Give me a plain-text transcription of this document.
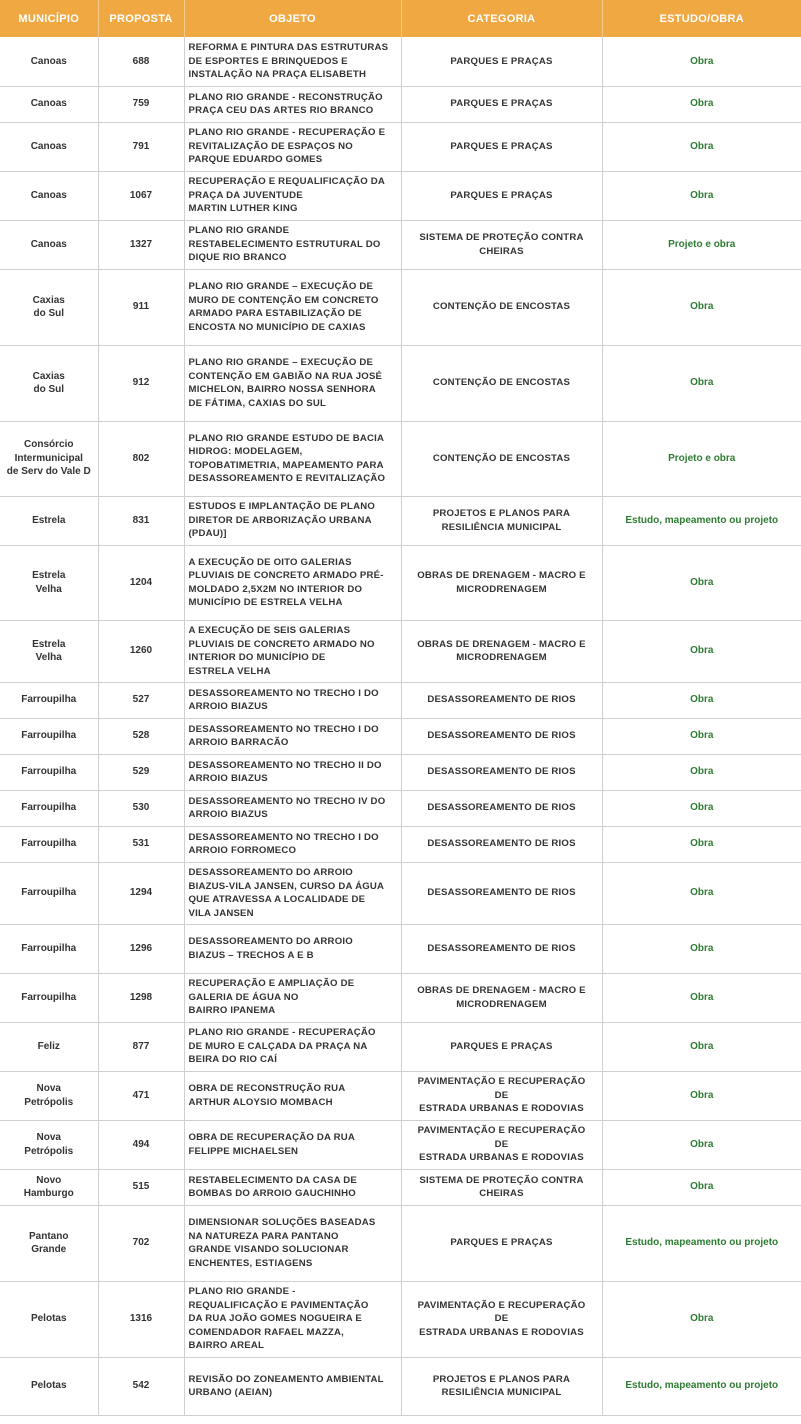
MUNICÍPIO	PROPOSTA	OBJETO	CATEGORIA	ESTUDO/OBRA
Canoas	688	REFORMA E PINTURA DAS ESTRUTURAS
DE ESPORTES E BRINQUEDOS E
INSTALAÇÃO NA PRAÇA ELISABETH	PARQUES E PRAÇAS	Obra
Canoas	759	PLANO RIO GRANDE - RECONSTRUÇÃO
PRAÇA CEU DAS ARTES RIO BRANCO	PARQUES E PRAÇAS	Obra
Canoas	791	PLANO RIO GRANDE - RECUPERAÇÃO E
REVITALIZAÇÃO DE ESPAÇOS NO
PARQUE EDUARDO GOMES	PARQUES E PRAÇAS	Obra
Canoas	1067	RECUPERAÇÃO E REQUALIFICAÇÃO DA
PRAÇA DA JUVENTUDE
MARTIN LUTHER KING	PARQUES E PRAÇAS	Obra
Canoas	1327	PLANO RIO GRANDE
RESTABELECIMENTO ESTRUTURAL DO
DIQUE RIO BRANCO	SISTEMA DE PROTEÇÃO CONTRA
CHEIRAS	Projeto e obra
Caxias
do Sul	911	PLANO RIO GRANDE – EXECUÇÃO DE
MURO DE CONTENÇÃO EM CONCRETO
ARMADO PARA ESTABILIZAÇÃO DE
ENCOSTA NO MUNICÍPIO DE CAXIAS	CONTENÇÃO DE ENCOSTAS	Obra
Caxias
do Sul	912	PLANO RIO GRANDE – EXECUÇÃO DE
CONTENÇÃO EM GABIÃO NA RUA JOSÉ
MICHELON, BAIRRO NOSSA SENHORA
DE FÁTIMA, CAXIAS DO SUL	CONTENÇÃO DE ENCOSTAS	Obra
Consórcio
Intermunicipal
de Serv do Vale D	802	PLANO RIO GRANDE ESTUDO DE BACIA
HIDROG: MODELAGEM,
TOPOBATIMETRIA, MAPEAMENTO PARA
DESASSOREAMENTO E REVITALIZAÇÃO	CONTENÇÃO DE ENCOSTAS	Projeto e obra
Estrela	831	ESTUDOS E IMPLANTAÇÃO DE PLANO
DIRETOR DE ARBORIZAÇÃO URBANA
(PDAU)]	PROJETOS E PLANOS PARA
RESILIÊNCIA MUNICIPAL	Estudo, mapeamento ou projeto
Estrela
Velha	1204	A EXECUÇÃO DE OITO GALERIAS
PLUVIAIS DE CONCRETO ARMADO PRÉ-
MOLDADO 2,5X2M NO INTERIOR DO
MUNICÍPIO DE ESTRELA VELHA	OBRAS DE DRENAGEM - MACRO E
MICRODRENAGEM	Obra
Estrela
Velha	1260	A EXECUÇÃO DE SEIS GALERIAS
PLUVIAIS DE CONCRETO ARMADO NO
INTERIOR DO MUNICÍPIO DE
ESTRELA VELHA	OBRAS DE DRENAGEM - MACRO E
MICRODRENAGEM	Obra
Farroupilha	527	DESASSOREAMENTO NO TRECHO I DO
ARROIO BIAZUS	DESASSOREAMENTO DE RIOS	Obra
Farroupilha	528	DESASSOREAMENTO NO TRECHO I DO
ARROIO BARRACÃO	DESASSOREAMENTO DE RIOS	Obra
Farroupilha	529	DESASSOREAMENTO NO TRECHO II DO
ARROIO BIAZUS	DESASSOREAMENTO DE RIOS	Obra
Farroupilha	530	DESASSOREAMENTO NO TRECHO IV DO
ARROIO BIAZUS	DESASSOREAMENTO DE RIOS	Obra
Farroupilha	531	DESASSOREAMENTO NO TRECHO I DO
ARROIO FORROMECO	DESASSOREAMENTO DE RIOS	Obra
Farroupilha	1294	DESASSOREAMENTO DO ARROIO
BIAZUS-VILA JANSEN, CURSO DA ÁGUA
QUE ATRAVESSA A LOCALIDADE DE
VILA JANSEN	DESASSOREAMENTO DE RIOS	Obra
Farroupilha	1296	DESASSOREAMENTO DO ARROIO
BIAZUS – TRECHOS A E B	DESASSOREAMENTO DE RIOS	Obra
Farroupilha	1298	RECUPERAÇÃO E AMPLIAÇÃO DE
GALERIA DE ÁGUA NO
BAIRRO IPANEMA	OBRAS DE DRENAGEM - MACRO E
MICRODRENAGEM	Obra
Feliz	877	PLANO RIO GRANDE - RECUPERAÇÃO
DE MURO E CALÇADA DA PRAÇA NA
BEIRA DO RIO CAÍ	PARQUES E PRAÇAS	Obra
Nova
Petrópolis	471	OBRA DE RECONSTRUÇÃO RUA
ARTHUR ALOYSIO MOMBACH	PAVIMENTAÇÃO E RECUPERAÇÃO
DE
ESTRADA URBANAS E RODOVIAS	Obra
Nova
Petrópolis	494	OBRA DE RECUPERAÇÃO DA RUA
FELIPPE MICHAELSEN	PAVIMENTAÇÃO E RECUPERAÇÃO
DE
ESTRADA URBANAS E RODOVIAS	Obra
Novo
Hamburgo	515	RESTABELECIMENTO DA CASA DE
BOMBAS DO ARROIO GAUCHINHO	SISTEMA DE PROTEÇÃO CONTRA
CHEIRAS	Obra
Pantano
Grande	702	DIMENSIONAR SOLUÇÕES BASEADAS
NA NATUREZA PARA PANTANO
GRANDE VISANDO SOLUCIONAR
ENCHENTES, ESTIAGENS	PARQUES E PRAÇAS	Estudo, mapeamento ou projeto
Pelotas	1316	PLANO RIO GRANDE -
REQUALIFICAÇÃO E PAVIMENTAÇÃO
DA RUA JOÃO GOMES NOGUEIRA E
COMENDADOR RAFAEL MAZZA,
BAIRRO AREAL	PAVIMENTAÇÃO E RECUPERAÇÃO
DE
ESTRADA URBANAS E RODOVIAS	Obra
Pelotas	542	REVISÃO DO ZONEAMENTO AMBIENTAL
URBANO (AEIAN)	PROJETOS E PLANOS PARA
RESILIÊNCIA MUNICIPAL	Estudo, mapeamento ou projeto
